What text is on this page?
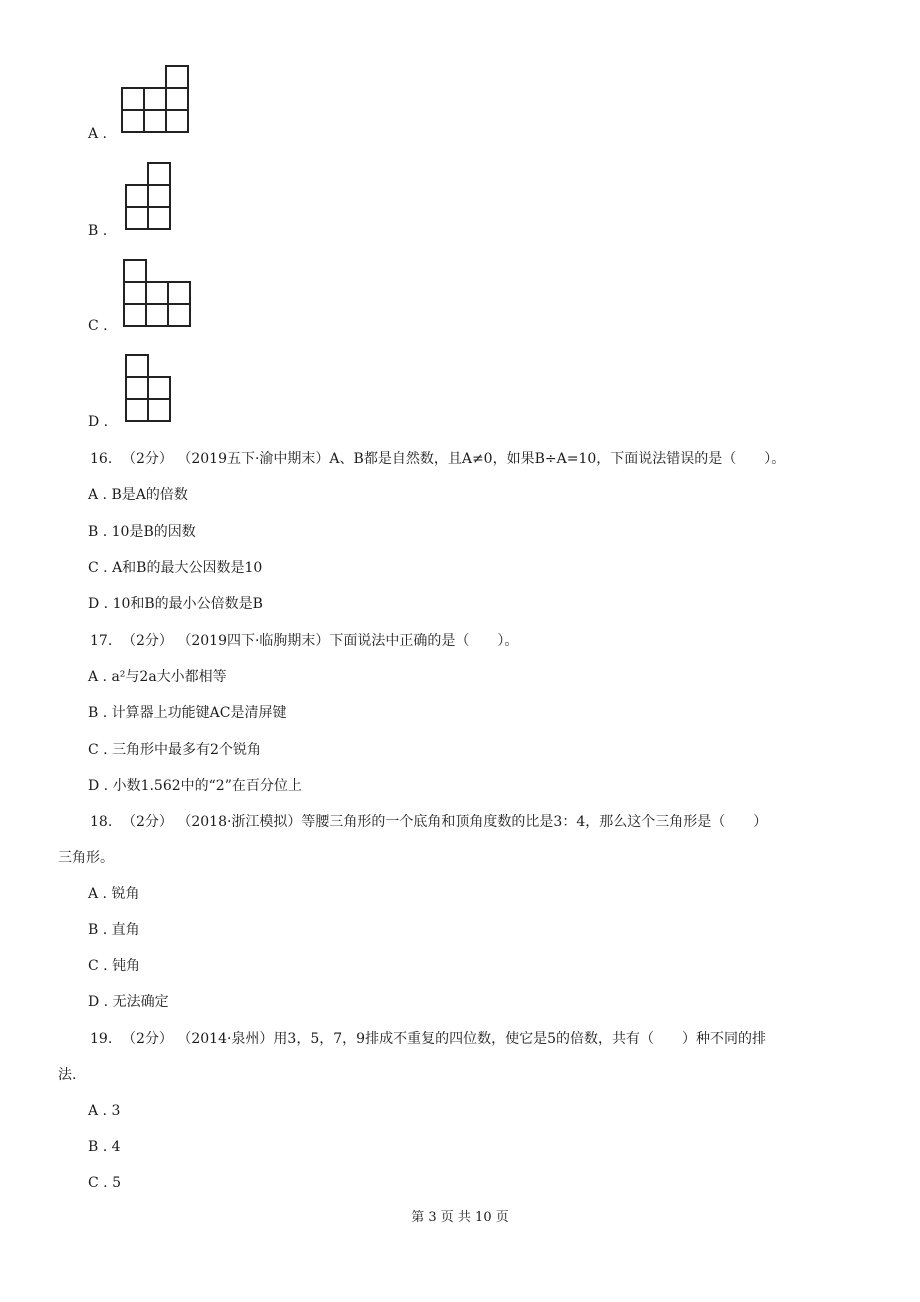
A .
B .
C .
D .
16. （2分） （2019五下·渝中期末）A、B都是自然数，且A≠0，如果B÷A=10，下面说法错误的是（　　）。
A . B是A的倍数
B . 10是B的因数
C . A和B的最大公因数是10
D . 10和B的最小公倍数是B
17. （2分） （2019四下·临朐期末）下面说法中正确的是（　　）。
A . a²与2a大小都相等
B . 计算器上功能键AC是清屏键
C . 三角形中最多有2个锐角
D . 小数1.562中的“2”在百分位上
18. （2分） （2018·浙江模拟）等腰三角形的一个底角和顶角度数的比是3：4，那么这个三角形是（　　）
三角形。
A . 锐角
B . 直角
C . 钝角
D . 无法确定
19. （2分） （2014·泉州）用3，5，7，9排成不重复的四位数，使它是5的倍数，共有（　　）种不同的排
法.
A . 3
B . 4
C . 5
第 3 页 共 10 页
